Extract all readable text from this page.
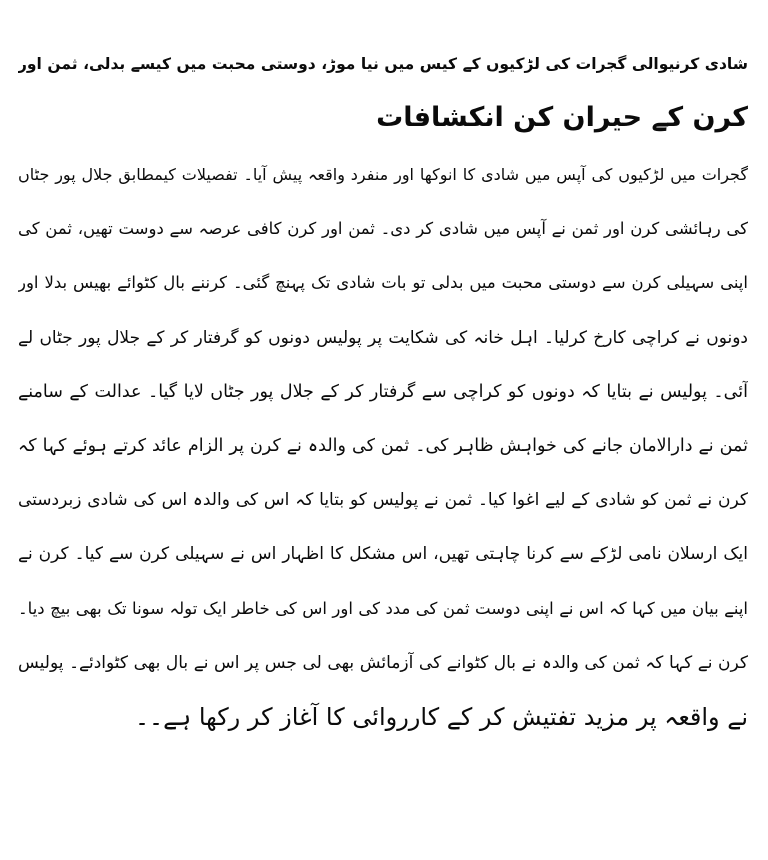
شادی کرنیوالی گجرات کی لڑکیوں کے کیس میں نیا موڑ، دوستی محبت میں کیسے بدلی، ثمن اور
کرن کے حیران کن انکشافات
گجرات میں لڑکیوں کی آپس میں شادی کا انوکھا اور منفرد واقعہ پیش آیا۔ تفصیلات کیمطابق جلال پور جٹاں
کی رہائشی کرن اور ثمن نے آپس میں شادی کر دی۔ ثمن اور کرن کافی عرصہ سے دوست تھیں، ثمن کی
اپنی سہیلی کرن سے دوستی محبت میں بدلی تو بات شادی تک پہنچ گئی۔ کرننے بال کٹوائے بھیس بدلا اور
دونوں نے کراچی کارخ کرلیا۔ اہل خانہ کی شکایت پر پولیس دونوں کو گرفتار کر کے جلال پور جٹاں لے
آئی۔ پولیس نے بتایا کہ دونوں کو کراچی سے گرفتار کر کے جلال پور جٹاں لایا گیا۔ عدالت کے سامنے
ثمن نے دارالامان جانے کی خواہش ظاہر کی۔ ثمن کی والدہ نے کرن پر الزام عائد کرتے ہوئے کہا کہ
کرن نے ثمن کو شادی کے لیے اغوا کیا۔ ثمن نے پولیس کو بتایا کہ اس کی والدہ اس کی شادی زبردستی
ایک ارسلان نامی لڑکے سے کرنا چاہتی تھیں، اس مشکل کا اظہار اس نے سہیلی کرن سے کیا۔ کرن نے
اپنے بیان میں کہا کہ اس نے اپنی دوست ثمن کی مدد کی اور اس کی خاطر ایک تولہ سونا تک بھی بیچ دیا۔
کرن نے کہا کہ ثمن کی والدہ نے بال کٹوانے کی آزمائش بھی لی جس پر اس نے بال بھی کٹوادئے۔ پولیس
نے واقعہ پر مزید تفتیش کر کے کارروائی کا آغاز کر رکھا ہے۔۔
